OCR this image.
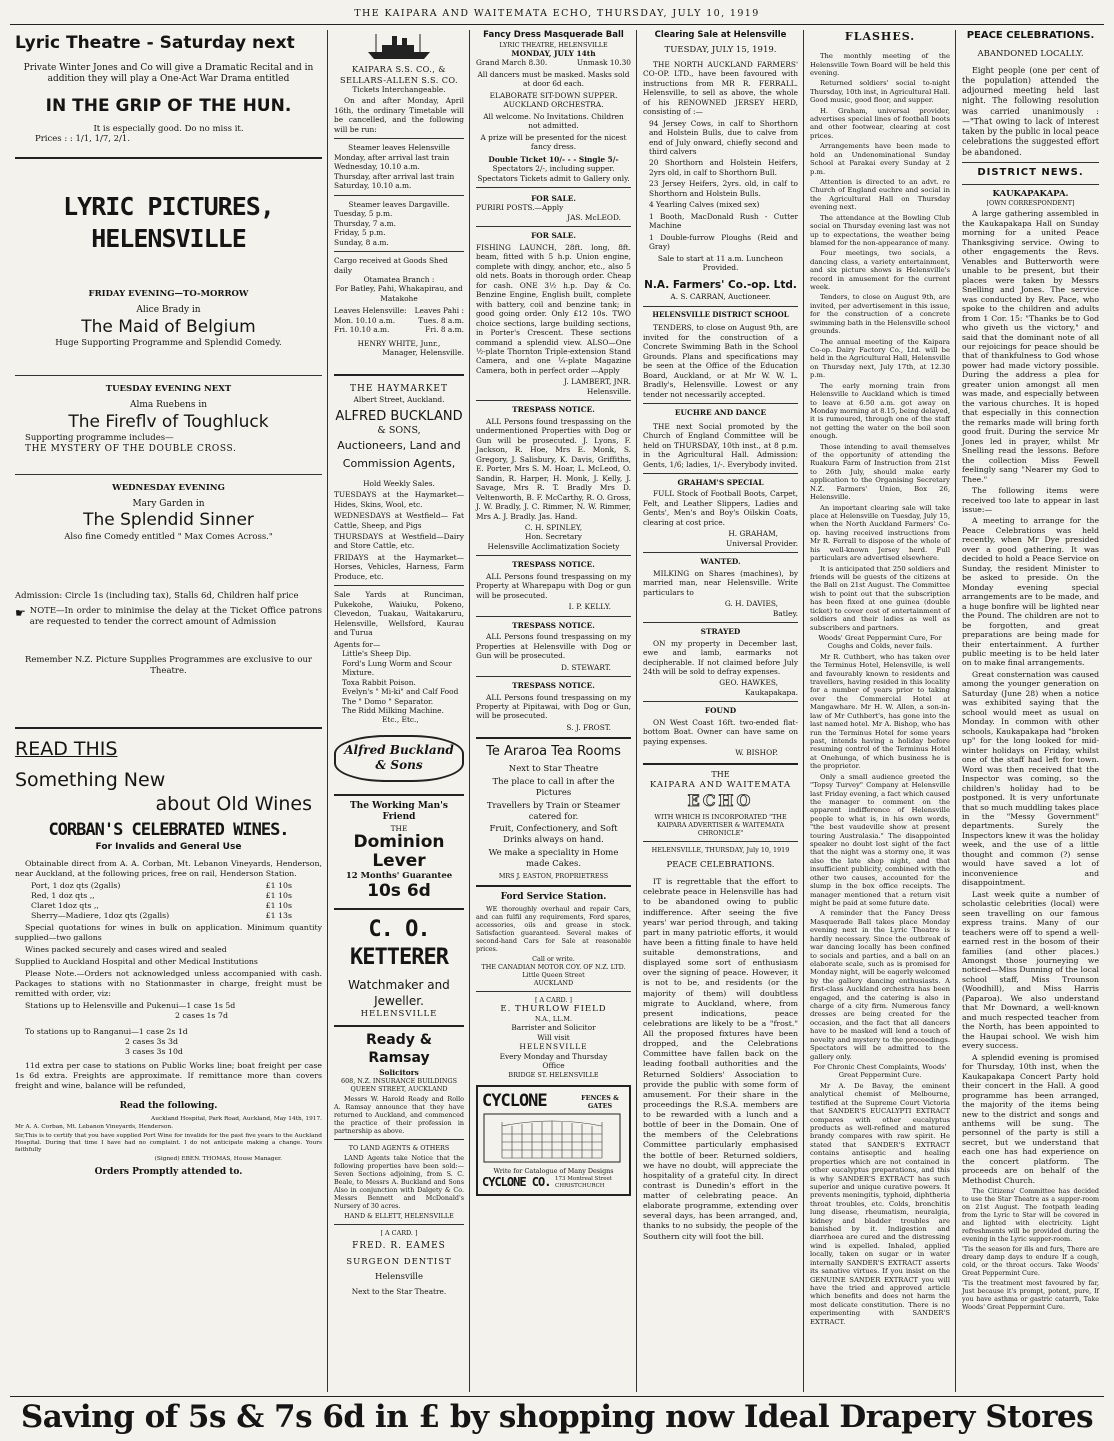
THE KAIPARA AND WAITEMATA ECHO, THURSDAY, JULY 10, 1919
Lyric Theatre - Saturday next

Private Winter Jones and Co will give a Dramatic Recital and in addition they will play a One-Act War Drama entitled

IN THE GRIP OF THE HUN.
It is especially good. Do no miss it.
Prices : : 1/1, 1/7, 2/1.
LYRIC PICTURES, HELENSVILLE
FRIDAY EVENING—TO-MORROW
Alice Brady in
The Maid of Belgium
Huge Supporting Programme and Splendid Comedy.
TUESDAY EVENING NEXT
Alma Ruebens in
The Fireflv of Toughluck
Supporting programme includes—
THE MYSTERY OF THE DOUBLE CROSS.
WEDNESDAY EVENING
Mary Garden in
The Splendid Sinner
Also fine Comedy entitled " Max Comes Across."

Admission: Circle 1s (including tax), Stalls 6d, Children half price

☛ NOTE—In order to minimise the delay at the Ticket Office patrons are requested to tender the correct amount of Admission

Remember N.Z. Picture Supplies Programmes are exclusive to our Theatre.

READ THIS
Something New
about Old Wines
CORBAN'S CELEBRATED WINES.
For Invalids and General Use

Obtainable direct from A. A. Corban, Mt. Lebanon Vineyards, Henderson, near Auckland, at the following prices, free on rail, Henderson Station.

Port, 1 doz qts (2galls)	£1 10s
Red, 1 doz qts ,,	£1 10s
Claret 1doz qts ,,	£1 10s
Sherry—Madiere, 1doz qts (2galls)	£1 13s

Special quotations for wines in bulk on application. Minimum quantity supplied—two gallons

Wines packed securely and cases wired and sealed

Supplied to Auckland Hospital and other Medical Institutions

Please Note.—Orders not acknowledged unless accompanied with cash. Packages to stations with no Stationmaster in charge, freight must be remitted with order, viz:

Stations up to Helensville and Pukenui—1 case 1s 5d
2 cases 1s 7d
To stations up to Ranganui—1 case 2s 1d
2 cases 3s 3d
3 cases 3s 10d

11d extra per case to stations on Public Works line; boat freight per case 1s 6d extra. Freights are approximate. If remittance more than covers freight and wine, balance will be refunded,

Read the following.
Auckland Hospital, Park Road, Auckland, May 14th, 1917.
Mr A. A. Corban, Mt. Lebanon Vineyards, Henderson.

Sir,This is to certify that you have supplied Port Wine for invalids for the past five years to the Auckland Hospital. During that time I have had no complaint. I do not anticipate making a change. Yours faithfully

(Signed) EBEN. THOMAS, House Manager.
Orders Promptly attended to.
KAIPARA S.S. CO., & SELLARS-ALLEN S.S. CO.
Tickets Interchangeable.

On and after Monday, April 16th, the ordinary Timetable will be cancelled, and the following will be run:

Steamer leaves Helensville
Monday, after arrival last train
Wednesday, 10.10 a.m.
Thursday, after arrival last train
Saturday, 10.10 a.m.
Steamer leaves Dargaville.
Tuesday, 5 p.m.
Thursday, 7 a.m.
Friday, 5 p.m.
Sunday, 8 a.m.
Cargo received at Goods Shed daily
Otamatea Branch :
For Batley, Pahi, Whakapirau, and Matakohe
Leaves Helensville: Leaves Pahi :
Mon. 10.10 a.m.	Tues. 8 a.m.
Fri. 10.10 a.m.	Fri. 8 a.m.
HENRY WHITE, Junr.,
Manager, Helensville.
THE HAYMARKET
Albert Street, Auckland.
ALFRED BUCKLAND
& SONS,
Auctioneers, Land and Commission Agents,
Hold Weekly Sales.

TUESDAYS at the Haymarket—Hides, Skins, Wool, etc.

WEDNESDAYS at Westfield— Fat Cattle, Sheep, and Pigs

THURSDAYS at Westfield—Dairy and Store Cattle, etc.

FRIDAYS at the Haymarket—Horses, Vehicles, Harness, Farm Produce, etc.

Sale Yards at Runciman, Pukekohe, Waiuku, Pokeno, Clevedon, Tuakau, Waitakaruru, Helensville, Wellsford, Kaurau and Turua

Agents for—
Little's Sheep Dip.
Ford's Lung Worm and Scour Mixture.
Toxa Rabbit Poison.
Evelyn's " Mi-ki" and Calf Food
The " Domo " Separator.
The Ridd Milking Machine.
Etc., Etc.,
Alfred Buckland & Sons
The Working Man's Friend
THE
Dominion
Lever
12 Months' Guarantee
10s 6d
C. O. KETTERER
Watchmaker and
Jeweller.
HELENSVILLE
Ready & Ramsay
Solicitors
608, N.Z. INSURANCE BUILDINGS QUEEN STREET, AUCKLAND

Messrs W. Harold Ready and Rollo A. Ramsay announce that they have returned to Auckland, and commenced the practice of their profession in partnership as above.

TO LAND AGENTS & OTHERS

LAND Agents take Notice that the following properties have been sold:— Seven Sections adjoining, from S. C. Beale, to Messrs A. Buckland and Sons Also in conjunction with Dalgety & Co. Messrs Bennett and McDonald's Nursery of 30 acres.

HAND & ELLETT, HELENSVILLE
[ A CARD. ]
FRED. R. EAMES
SURGEON DENTIST
Helensville
Next to the Star Theatre.
Fancy Dress Masquerade Ball
LYRIC THEATRE, HELENSVILLE
MONDAY, JULY 14th
Grand March 8.30.	Unmask 10.30

All dancers must be masked. Masks sold at door 6d each.

ELABORATE SIT-DOWN SUPPER.
AUCKLAND ORCHESTRA.

All welcome. No Invitations. Children not admitted.

A prize will be presented for the nicest fancy dress.

Double Ticket 10/- - - Single 5/-
Spectators 2/-, including supper.
Spectators Tickets admit to Gallery only.
FOR SALE.
PURIRI POSTS.—Apply
JAS. McLEOD.
FOR SALE.

FISHING LAUNCH, 28ft. long, 8ft. beam, fitted with 5 h.p. Union engine, complete with dingy, anchor, etc., also 5 old nets. Boats in thorough order. Cheap for cash. ONE 3½ h.p. Day & Co. Benzine Engine, English built, complete with battery, coil and benzine tank; in good going order. Only £12 10s. TWO choice sections, large building sections, in Porter's Crescent. These sections command a splendid view. ALSO—One ½-plate Thornton Triple-extension Stand Camera, and one ¼-plate Magazine Camera, both in perfect order —Apply

J. LAMBERT, JNR.
Helensville.
TRESPASS NOTICE.

ALL Persons found trespassing on the undermentioned Properties with Dog or Gun will be prosecuted. J. Lyons, F. Jackson, R. Hoe, Mrs E. Monk, S. Gregory, J. Salisbury, K. Davis, Griffiths, E. Porter, Mrs S. M. Hoar, L. McLeod, O. Sandin, R. Harper, H. Monk, J. Kelly, J. Savage, Mrs R. T. Bradly Mrs D. Veltenworth, B. F. McCarthy, R. O. Gross, J. W. Bradly, J. C. Rimmer, N. W. Rimmer, Mrs A. J. Bradly. Jas. Hand.

C. H. SPINLEY,
Hon. Secretary
Helensville Acclimatization Society
TRESPASS NOTICE.

ALL Persons found trespassing on my Property at Wharepapu with Dog or gun will be prosecuted.

I. P. KELLY.
TRESPASS NOTICE.

ALL Persons found trespassing on my Properties at Helensville with Dog or Gun will be prosecuted.

D. STEWART.
TRESPASS NOTICE.

ALL Persons found trespassing on my Property at Pipitawai, with Dog or Gun, will be prosecuted.

S. J. FROST.
Te Araroa Tea Rooms
Next to Star Theatre

The place to call in after the Pictures

Travellers by Train or Steamer catered for.

Fruit, Confectionery, and Soft Drinks always on hand.

We make a speciality in Home made Cakes.

MRS J. EASTON, PROPRIETRESS
Ford Service Station.

WE thoroughly overhaul and repair Cars, and can fulfil any requirements, Ford spares, accessories, oils and grease in stock. Satisfaction guaranteed. Several makes of second-hand Cars for Sale at reasonable prices.

Call or write.
THE CANADIAN MOTOR COY. OF N.Z. LTD.
Little Queen Street
AUCKLAND
[ A CARD. ]
E. THURLOW FIELD
N.A., LL.M.
Barrister and Solicitor
Will visit
HELENSVILLE
Every Monday and Thursday
Office
BRIDGE ST. HELENSVILLE
CYCLONE	FENCES & GATES
Write for Catalogue of Many Designs
CYCLONE CO. 173 Montreal Street CHRISTCHURCH
Clearing Sale at Helensville
TUESDAY, JULY 15, 1919.

THE NORTH AUCKLAND FARMERS' CO-OP. LTD., have been favoured with instructions from MR R. FERRALL. Helensville, to sell as above, the whole of his RENOWNED JERSEY HERD, consisting of :—

94 Jersey Cows, in calf to Shorthorn and Holstein Bulls, due to calve from end of July onward, chiefly second and third calvers

20 Shorthorn and Holstein Heifers, 2yrs old, in calf to Shorthorn Bull.

23 Jersey Heifers, 2yrs. old, in calf to Shorthorn and Holstein Bulls.

4 Yearling Calves (mixed sex)

1 Booth, MacDonald Rush - Cutter Machine

1 Double-furrow Ploughs (Reid and Gray)

Sale to start at 11 a.m. Luncheon Provided.

N.A. Farmers' Co.-op. Ltd.
A. S. CARRAN, Auctioneer.
HELENSVILLE DISTRICT SCHOOL

TENDERS, to close on August 9th, are invited for the construction of a Concrete Swimming Bath in the School Grounds. Plans and specifications may be seen at the Office of the Education Board, Auckland, or at Mr W. W. L. Bradly's, Helensville. Lowest or any tender not necessarily accepted.

EUCHRE AND DANCE

THE next Social promoted by the Church of England Committee will be held on THURSDAY, 10th inst., at 8 p.m. in the Agricultural Hall. Admission: Gents, 1/6; ladies, 1/-. Everybody invited.

GRAHAM'S SPECIAL

FULL Stock of Football Boots, Carpet, Felt, and Leather Slippers, Ladies and Gents', Men's and Boy's Oilskin Coats, clearing at cost price.

H. GRAHAM,
Universal Provider.
WANTED.

MILKING on Shares (machines), by married man, near Helensville. Write particulars to

G. H. DAVIES,
Batley.
STRAYED

ON my property in December last, ewe and lamb, earmarks not decipherable. If not claimed before July 24th will be sold to defray expenses.

GEO. HAWKES,
Kaukapakapa.
FOUND

ON West Coast 16ft. two-ended flat-bottom Boat. Owner can have same on paying expenses.

W. BISHOP.
THE
KAIPARA AND WAITEMATA
ECHO

WITH WHICH IS INCORPORATED "THE KAIPARA ADVERTISER & WAITEMATA CHRONICLE"

HELENSVILLE, THURSDAY, July 10, 1919
PEACE CELEBRATIONS.

IT is regrettable that the effort to celebrate peace in Helensville has had to be abandoned owing to public indifference. After seeing the five years' war period through, and taking part in many patriotic efforts, it would have been a fitting finale to have held suitable demonstrations, and displayed some sort of enthusiasm over the signing of peace. However, it is not to be, and residents (or the majority of them) will doubtless migrate to Auckland, where, from present indications, peace celebrations are likely to be a "frost." All the proposed fixtures have been dropped, and the Celebrations Committee have fallen back on the leading football authorities and the Returned Soldiers' Association to provide the public with some form of amusement. For their share in the proceedings the R.S.A. members are to be rewarded with a lunch and a bottle of beer in the Domain. One of the members of the Celebrations Committee particularly emphasised the bottle of beer. Returned soldiers, we have no doubt, will appreciate the hospitality of a grateful city. In direct contrast is Dunedin's effort in the matter of celebrating peace. An elaborate programme, extending over several days, has been arranged, and, thanks to no subsidy, the people of the Southern city will foot the bill.

FLASHES.

The monthly meeting of the Helensville Town Board will be held this evening.

Returned soldiers' social to-night Thursday, 10th inst, in Agricultural Hall. Good music, good floor, and supper.

H. Graham, universal provider, advertises special lines of football boots and other footwear, clearing at cost prices.

Arrangements have been made to hold an Undenominational Sunday School at Parakai every Sunday at 2 p.m.

Attention is directed to an advt. re Church of England euchre and social in the Agricultural Hall on Thursday evening next.

The attendance at the Bowling Club social on Thursday evening last was not up to expectations, the weather being blamed for the non-appearance of many.

Four meetings, two socials, a dancing class, a variety entertainment, and six picture shows is Helensville's record in amusement for the current week.

Tenders, to close on August 9th, are invited, per advertisement in this issue, for the construction of a concrete swimming bath in the Helensville school grounds.

The annual meeting of the Kaipara Co-op. Dairy Factory Co., Ltd. will be held in the Agricultural Hall, Helensville on Thursday next, July 17th, at 12.30 p.m.

The early morning train from Helensville to Auckland which is timed to leave at 6.50 a.m. got away on Monday morning at 8.15, being delayed, it is rumoured, through one of the staff not getting the water on the boil soon enough.

Those intending to avail themselves of the opportunity of attending the Ruakura Farm of Instruction from 21st to 26th July, should make early application to the Organising Secretary N.Z. Farmers' Union, Box 26, Helensville.

An important clearing sale will take place at Helensville on Tuesday, July 15, when the North Auckland Farmers' Co-op. having received instructions from Mr R. Ferrall to dispose of the whole of his well-known Jersey herd. Full particulars are advertised elsewhere.

It is anticipated that 250 soldiers and friends will be guests of the citizens at the Ball on 21st August. The Committee wish to point out that the subscription has been fixed at one guinea (double ticket) to cover cost of entertainment of soldiers and their ladies as well as subscribers and partners.

Woods' Great Peppermint Cure, For Coughs and Colds, never fails.

Mr R. Cuthbert, who has taken over the Terminus Hotel, Helensville, is well and favourably known to residents and travellers, having resided in this locality for a number of years prior to taking over the Commercial Hotel at Mangawhare. Mr H. W. Allen, a son-in-law of Mr Cuthbert's, has gone into the last named hotel. Mr A. Bishop, who has run the Terminus Hotel for some years past, intends having a holiday before resuming control of the Terminus Hotel at Onehunga, of which business he is the proprietor.

Only a small audience greeted the "Topsy Turvey" Company at Helensville last Friday evening, a fact which caused the manager to comment on the apparent indifference of Helensville people to what is, in his own words, "the best vaudeville show at present touring Australasia." The disappointed speaker no doubt lost sight of the fact that the night was a stormy one, it was also the late shop night, and that insufficient publicity, combined with the other two causes, accounted for the slump in the box office receipts. The manager mentioned that a return visit might be paid at some future date.

A reminder that the Fancy Dress Masquerade Ball takes place Monday evening next in the Lyric Theatre is hardly necessary. Since the outbreak of war dancing locally has been confined to socials and parties, and a ball on an elaborate scale, such as is promised for Monday night, will be eagerly welcomed by the gallery dancing enthusiasts. A first-class Auckland orchestra has been engaged, and the catering is also in charge of a city firm. Numerous fancy dresses are being created for the occasion, and the fact that all dancers have to be masked will lend a touch of novelty and mystery to the proceedings. Spectators will be admitted to the gallery only.

For Chronic Chest Complaints, Woods' Great Peppermint Cure.

Mr A. De Bavay, the eminent analytical chemist of Melbourne, testified at the Supreme Court Victoria that SANDER'S EUCALYPTI EXTRACT compares with other eucalyptus products as well-refined and matured brandy compares with raw spirit. He stated that SANDER'S EXTRACT contains antiseptic and healing properties which are not contained in other eucalyptus preparations, and this is why SANDER'S EXTRACT has such superior and unique curative powers. It prevents meningitis, typhoid, diphtheria throat troubles, etc. Colds, bronchitis lung disease, rheumatism, neuralgia, kidney and bladder troubles are banished by it. Indigestion and diarrhoea are cured and the distressing wind is expelled. Inhaled, applied locally, taken on sugar or in water internally SANDER'S EXTRACT asserts its sanative virtues. If you insist on the GENUINE SANDER EXTRACT you will have the tried and approved article which benefits and does not harm the most delicate constitution. There is no experimenting with SANDER'S EXTRACT.

PEACE CELEBRATIONS.
ABANDONED LOCALLY.

Eight people (one per cent of the population) attended the adjourned meeting held last night. The following resolution was carried unanimously :—"That owing to lack of interest taken by the public in local peace celebrations the suggested effort be abandoned.

DISTRICT NEWS.
KAUKAPAKAPA.
[OWN CORRESPONDENT]

A large gathering assembled in the Kaukapakapa Hall on Sunday morning for a united Peace Thanksgiving service. Owing to other engagements the Revs. Venables and Butterworth were unable to be present, but their places were taken by Messrs Snelling and Jones. The service was conducted by Rev. Pace, who spoke to the children and adults from 1 Cor. 15: "Thanks be to God who giveth us the victory," and said that the dominant note of all our rejoicings for peace should be that of thankfulness to God whose power had made victory possible. During the address a plea for greater union amongst all men was made, and especially between the various churches. It is hoped that especially in this connection the remarks made will bring forth good fruit. During the service Mr Jones led in prayer, whilst Mr Snelling read the lessons. Before the collection Miss Fewell feelingly sang "Nearer my God to Thee."

The following items were received too late to appear in last issue:—

A meeting to arrange for the Peace Celebrations was held recently, when Mr Dye presided over a good gathering. It was decided to hold a Peace Service on Sunday, the resident Minister to be asked to preside. On the Monday evening special arrangements are to be made, and a huge bonfire will be lighted near the Pound. The children are not to be forgotten, and great preparations are being made for their entertainment. A further public meeting is to be held later on to make final arrangements.

Great consternation was caused among the younger generation on Saturday (June 28) when a notice was exhibited saying that the school would meet as usual on Monday. In common with other schools, Kaukapakapa had "broken up" for the long looked for mid-winter holidays on Friday, whilst one of the staff had left for town. Word was then received that the Inspector was coming, so the children's holiday had to be postponed. It is very unfortunate that so much muddling takes place in the "Messy Government" departments. Surely the Inspectors knew it was the holiday week, and the use of a little thought and common (?) sense would have saved a lot of inconvenience and disappointment.

Last week quite a number of scholastic celebrities (local) were seen travelling on our famous express trains. Many of our teachers were off to spend a well-earned rest in the bosom of their families (and other places.) Amongst those journeying we noticed—Miss Dunning of the local school staff, Miss Trounson (Woodhill), and Miss Harris (Paparoa). We also understand that Mr Downard, a well-known and much respected teacher from the North, has been appointed to the Haupai school. We wish him every success.

A splendid evening is promised for Thursday, 10th inst, when the Kaukapakapa Concert Party hold their concert in the Hall. A good programme has been arranged, the majority of the items being new to the district and songs and anthems will be sung. The personnel of the party is still a secret, but we understand that each one has had experience on the concert platform. The proceeds are on behalf of the Methodist Church.

The Citizens' Committee has decided to use the Star Theatre as a supper-room on 21st August. The footpath leading from the Lyric to Star will be covered in and lighted with electricity. Light refreshments will be provided during the evening in the Lyric supper-room.

'Tis the season for ills and furs, There are dreary damp days to endure If a cough, cold, or the throat occurs. Take Woods' Great Peppermint Cure.

'Tis the treatment most favoured by far, Just because it's prompt, potent, pure, If you have asthma or gastric catarrh, Take Woods' Great Peppermint Cure.

Saving of 5s & 7s 6d in £ by shopping now Ideal Drapery Stores
